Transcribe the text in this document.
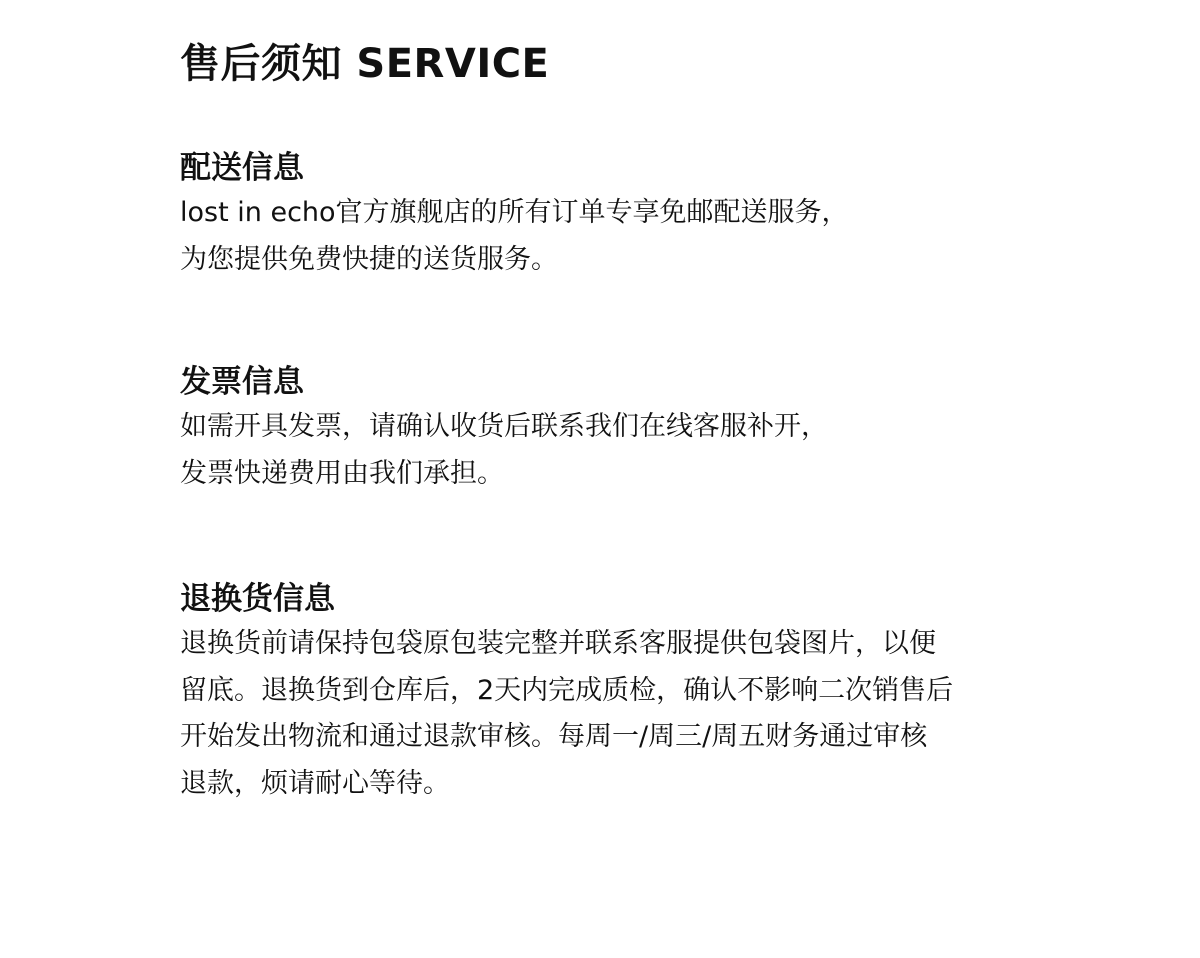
售后须知 SERVICE
配送信息

lost in echo官方旗舰店的所有订单专享免邮配送服务，
为您提供免费快捷的送货服务。

发票信息

如需开具发票，请确认收货后联系我们在线客服补开，
发票快递费用由我们承担。

退换货信息

退换货前请保持包袋原包装完整并联系客服提供包袋图片，以便
留底。退换货到仓库后，2天内完成质检，确认不影响二次销售后
开始发出物流和通过退款审核。每周一/周三/周五财务通过审核
退款，烦请耐心等待。
